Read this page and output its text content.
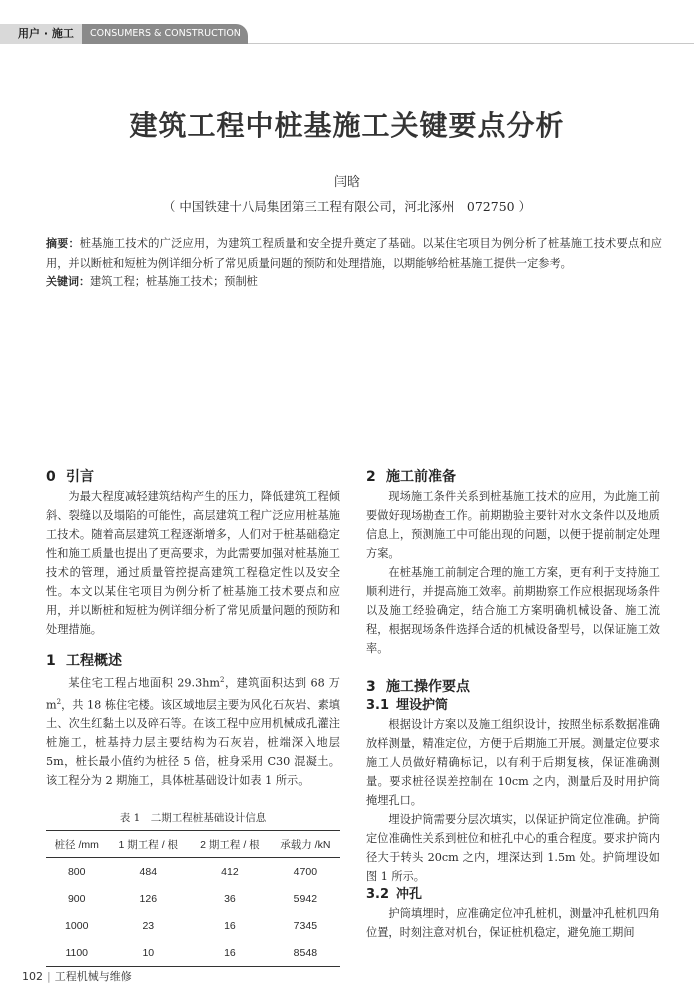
用户 · 施工	CONSUMERS & CONSTRUCTION
建筑工程中桩基施工关键要点分析
闫晗
（ 中国铁建十八局集团第三工程有限公司，河北涿州　072750 ）
摘要：桩基施工技术的广泛应用，为建筑工程质量和安全提升奠定了基础。以某住宅项目为例分析了桩基施工技术要点和应用，并以断桩和短桩为例详细分析了常见质量问题的预防和处理措施，以期能够给桩基施工提供一定参考。
关键词：建筑工程；桩基施工技术；预制桩
0 引言

为最大程度减轻建筑结构产生的压力，降低建筑工程倾斜、裂缝以及塌陷的可能性，高层建筑工程广泛应用桩基施工技术。随着高层建筑工程逐渐增多，人们对于桩基础稳定性和施工质量也提出了更高要求，为此需要加强对桩基施工技术的管理，通过质量管控提高建筑工程稳定性以及安全性。本文以某住宅项目为例分析了桩基施工技术要点和应用，并以断桩和短桩为例详细分析了常见质量问题的预防和处理措施。

1 工程概述

某住宅工程占地面积 $29.3hm^2$，建筑面积达到 68 万 $m^2$，共 18 栋住宅楼。该区域地层主要为风化石灰岩、素填土、次生红黏土以及碎石等。在该工程中应用机械成孔灌注桩施工，桩基持力层主要结构为石灰岩，桩端深入地层 5m，桩长最小值约为桩径 5 倍，桩身采用 C30 混凝土。该工程分为 2 期施工，具体桩基础设计如表 1 所示。

表 1　 二期工程桩基础设计信息
桩径 /mm	1 期工程 / 根	2 期工程 / 根	承载力 /kN
800	484	412	4700
900	126	36	5942
1000	23	16	7345
1100	10	16	8548
2 施工前准备

现场施工条件关系到桩基施工技术的应用，为此施工前要做好现场勘查工作。前期勘验主要针对水文条件以及地质信息上，预测施工中可能出现的问题，以便于提前制定处理方案。

在桩基施工前制定合理的施工方案，更有利于支持施工顺利进行，并提高施工效率。前期勘察工作应根据现场条件以及施工经验确定，结合施工方案明确机械设备、施工流程，根据现场条件选择合适的机械设备型号，以保证施工效率。

3 施工操作要点
3.1 埋设护筒

根据设计方案以及施工组织设计，按照坐标系数据准确放样测量，精准定位，方便于后期施工开展。测量定位要求施工人员做好精确标记，以有利于后期复核，保证准确测量。要求桩径误差控制在 10cm 之内，测量后及时用护筒掩埋孔口。

埋设护筒需要分层次填实，以保证护筒定位准确。护筒定位准确性关系到桩位和桩孔中心的重合程度。要求护筒内径大于转头 20cm 之内，埋深达到 1.5m 处。护筒埋设如图 1 所示。

3.2 冲孔

护筒填埋时，应准确定位冲孔桩机，测量冲孔桩机四角位置，时刻注意对机台，保证桩机稳定，避免施工期间

102 | 工程机械与维修
